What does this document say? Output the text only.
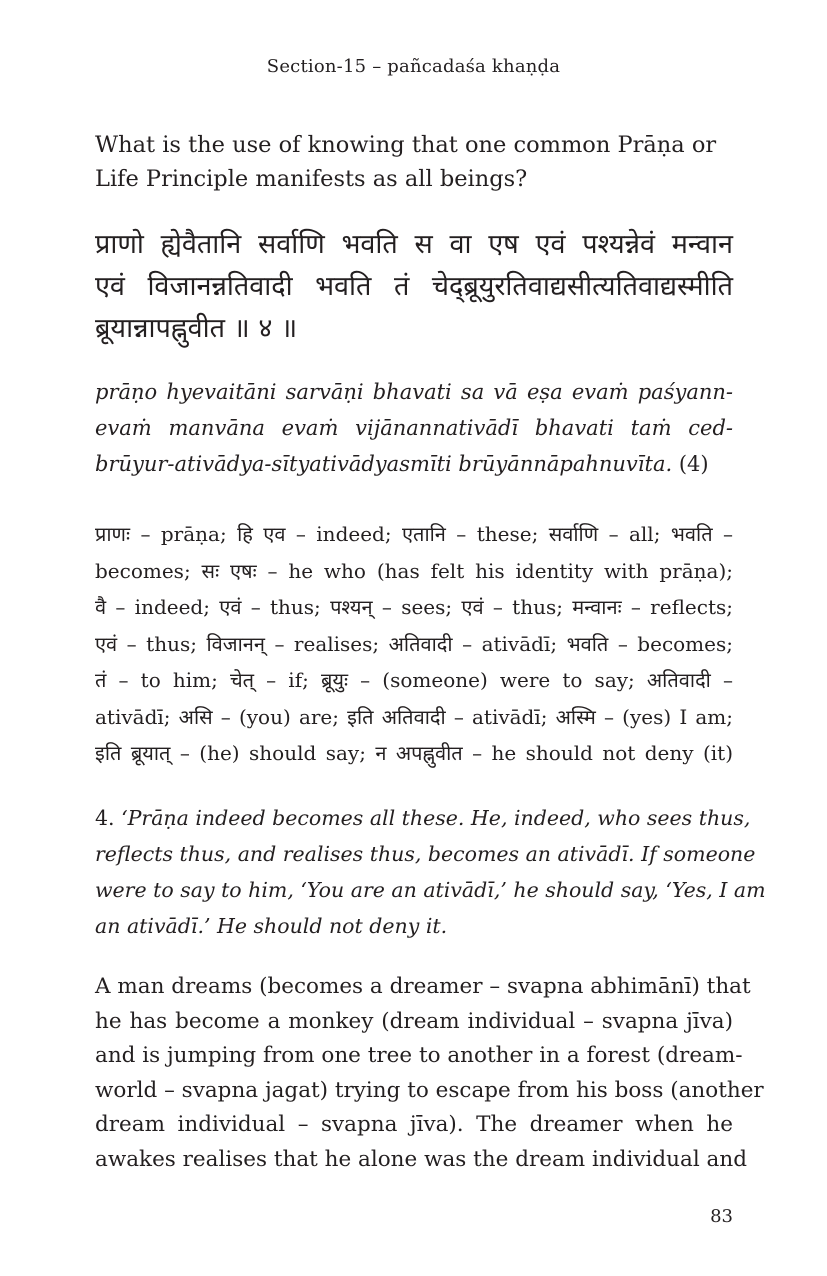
Section-15 – pañcadaśa khaṇḍa
What is the use of knowing that one common Prāṇa or Life Principle manifests as all beings?
प्राणो ह्येवैतानि सर्वाणि भवति स वा एष एवं पश्यन्नेवं मन्वान
एवं विजानन्नतिवादी भवति तं चेद्ब्रूयुरतिवाद्यसीत्यतिवाद्यस्मीति

ब्रूयान्नापह्नुवीत ॥ ४ ॥
prāṇo hyevaitāni sarvāṇi bhavati sa vā eṣa evaṁ paśyann-evaṁ manvāna evaṁ vijānannativādī bhavati taṁ ced-brūyur-ativādya-sītyativādyasmīti brūyānnāpahnuvīta. (4)
प्राणः – prāṇa; हि एव – indeed; एतानि – these; सर्वाणि – all; भवति –
becomes; सः एषः – he who (has felt his identity with prāṇa);
वै – indeed; एवं – thus; पश्यन् – sees; एवं – thus; मन्वानः – reflects;
एवं – thus; विजानन् – realises; अतिवादी – ativādī; भवति – becomes;
तं – to him; चेत् – if; ब्रूयुः – (someone) were to say; अतिवादी –
ativādī; असि – (you) are; इति अतिवादी – ativādī; अस्मि – (yes) I am;
इति ब्रूयात् – (he) should say; न अपह्नुवीत – he should not deny (it)
4. ‘Prāṇa indeed becomes all these. He, indeed, who sees thus,
reflects thus, and realises thus, becomes an ativādī. If someone
were to say to him, ‘You are an ativādī,’ he should say, ‘Yes, I am
an ativādī.’ He should not deny it.
A man dreams (becomes a dreamer – svapna abhimānī) that
he has become a monkey (dream individual – svapna jīva)
and is jumping from one tree to another in a forest (dream-
world – svapna jagat) trying to escape from his boss (another
dream individual – svapna jīva). The dreamer when he
awakes realises that he alone was the dream individual and
83
